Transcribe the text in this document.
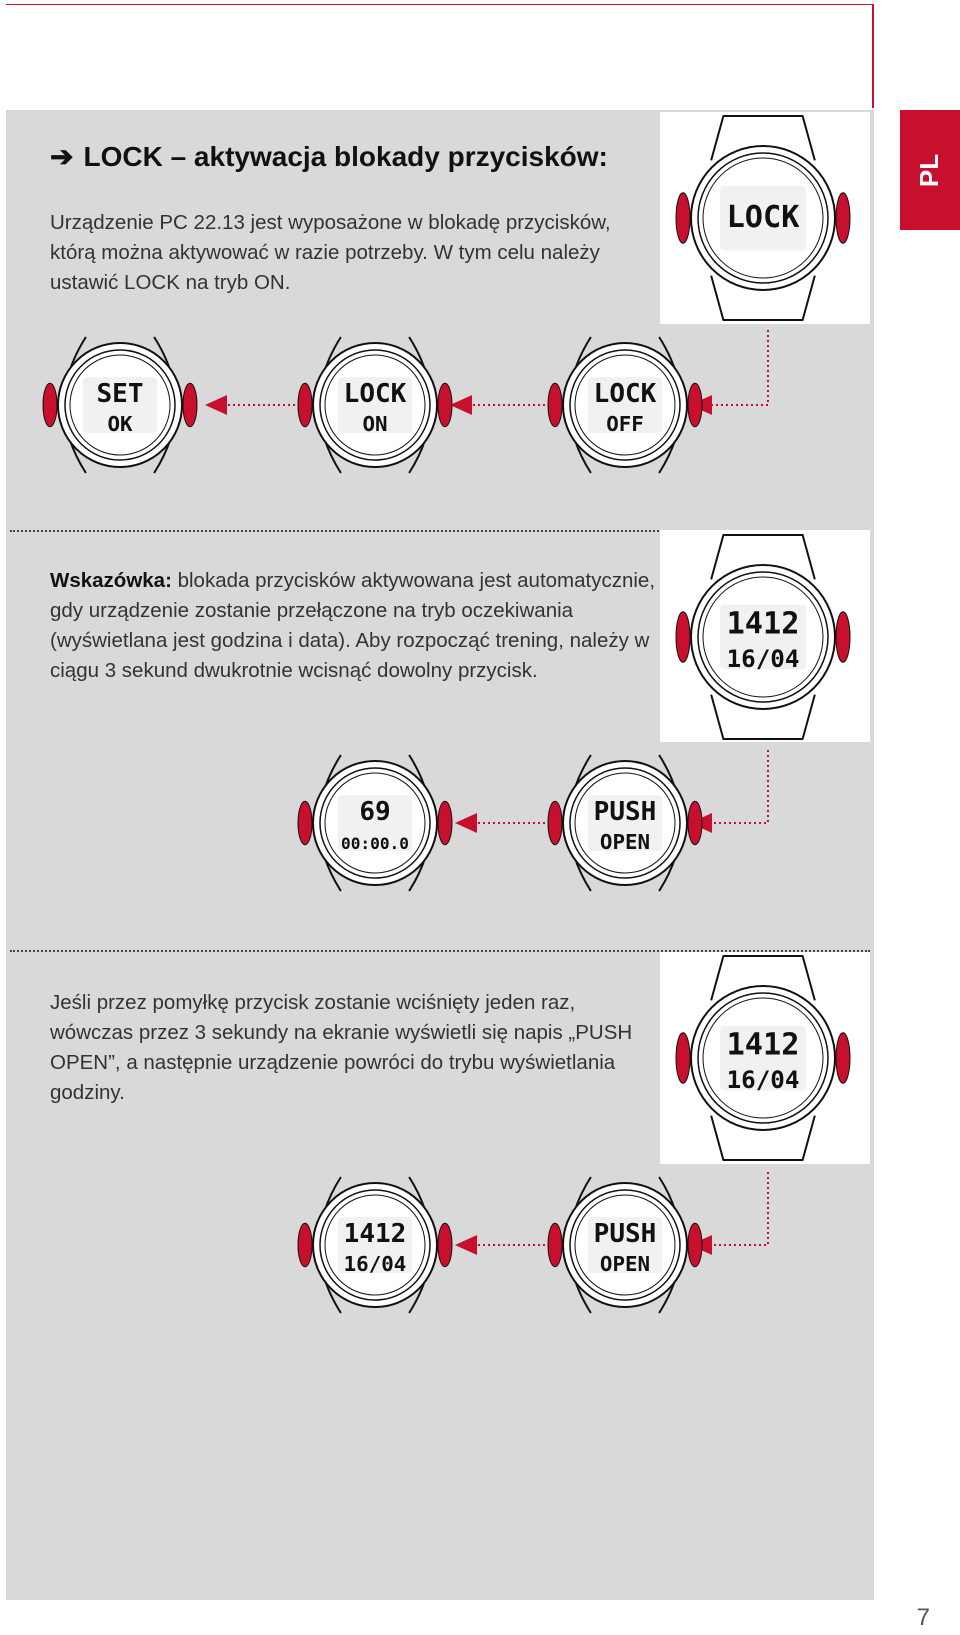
PL
➔ LOCK – aktywacja blokady przycisków:
Urządzenie PC 22.13 jest wyposażone w blokadę przycisków, którą można aktywować w razie potrzeby. W tym celu należy ustawić LOCK na tryb ON.
Wskazówka: blokada przycisków aktywowana jest automatycznie, gdy urządzenie zostanie przełączone na tryb oczekiwania (wyświetlana jest godzina i data). Aby rozpocząć trening, należy w ciągu 3 sekund dwukrotnie wcisnąć dowolny przycisk.
Jeśli przez pomyłkę przycisk zostanie wciśnięty jeden raz, wówczas przez 3 sekundy na ekranie wyświetli się napis „PUSH OPEN”, a następnie urządzenie powróci do trybu wyświetlania godziny.
LOCK
SET
OK
LOCK
ON
LOCK
OFF
1412
16/04
69
00:00.0
PUSH
OPEN
1412
16/04
1412
16/04
PUSH
OPEN
7
